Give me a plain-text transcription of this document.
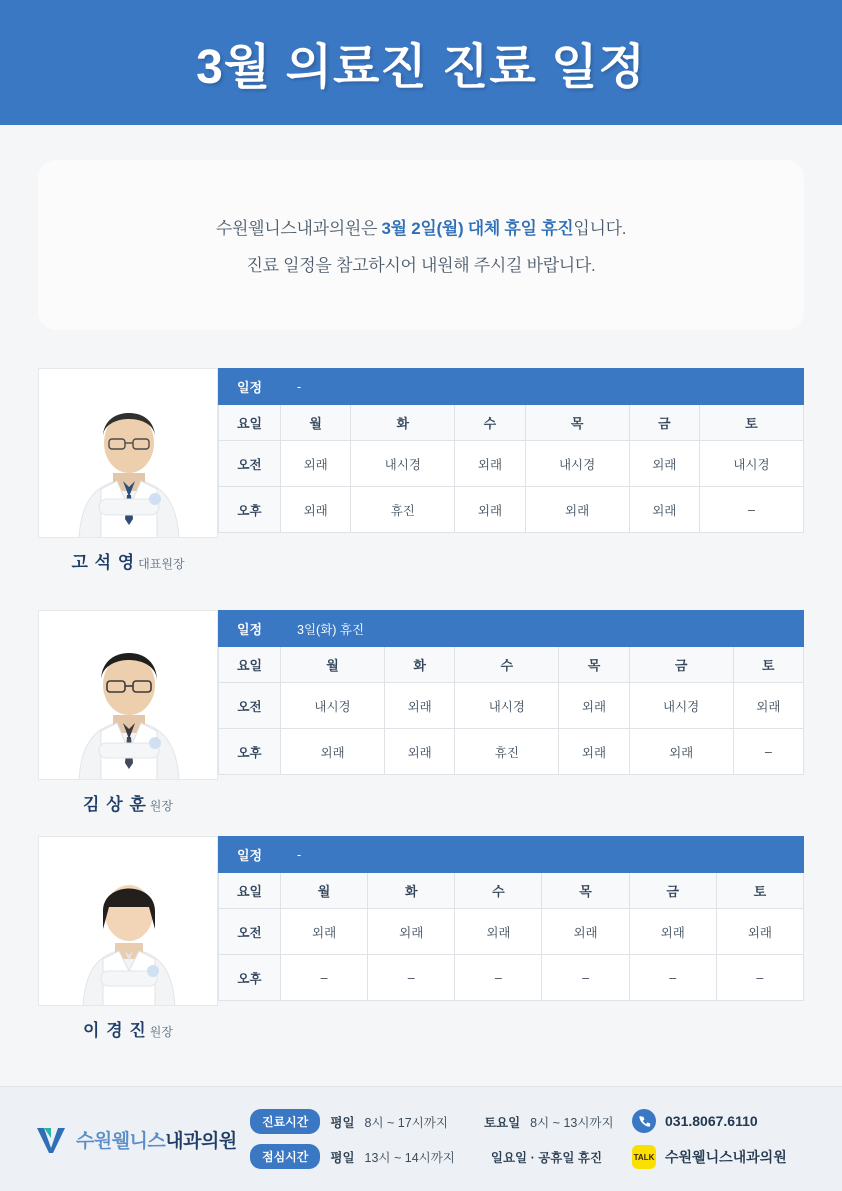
3월 의료진 진료 일정
수원웰니스내과의원은 3월 2일(월) 대체 휴일 휴진입니다.
진료 일정을 참고하시어 내원해 주시길 바랍니다.
고 석 영 대표원장
일정	-					
요일	월	화	수	목	금	토
오전	외래	내시경	외래	내시경	외래	내시경
오후	외래	휴진	외래	외래	외래	–
김 상 훈 원장
일정	3일(화) 휴진					
요일	월	화	수	목	금	토
오전	내시경	외래	내시경	외래	내시경	외래
오후	외래	외래	휴진	외래	외래	–
이 경 진 원장
일정	-					
요일	월	화	수	목	금	토
오전	외래	외래	외래	외래	외래	외래
오후	–	–	–	–	–	–
수원웰니스내과의원
진료시간	평일 8시 ~ 17시까지	토요일 8시 ~ 13시까지
점심시간	평일 13시 ~ 14시까지	일요일 · 공휴일 휴진
031.8067.6110
TALK 수원웰니스내과의원
